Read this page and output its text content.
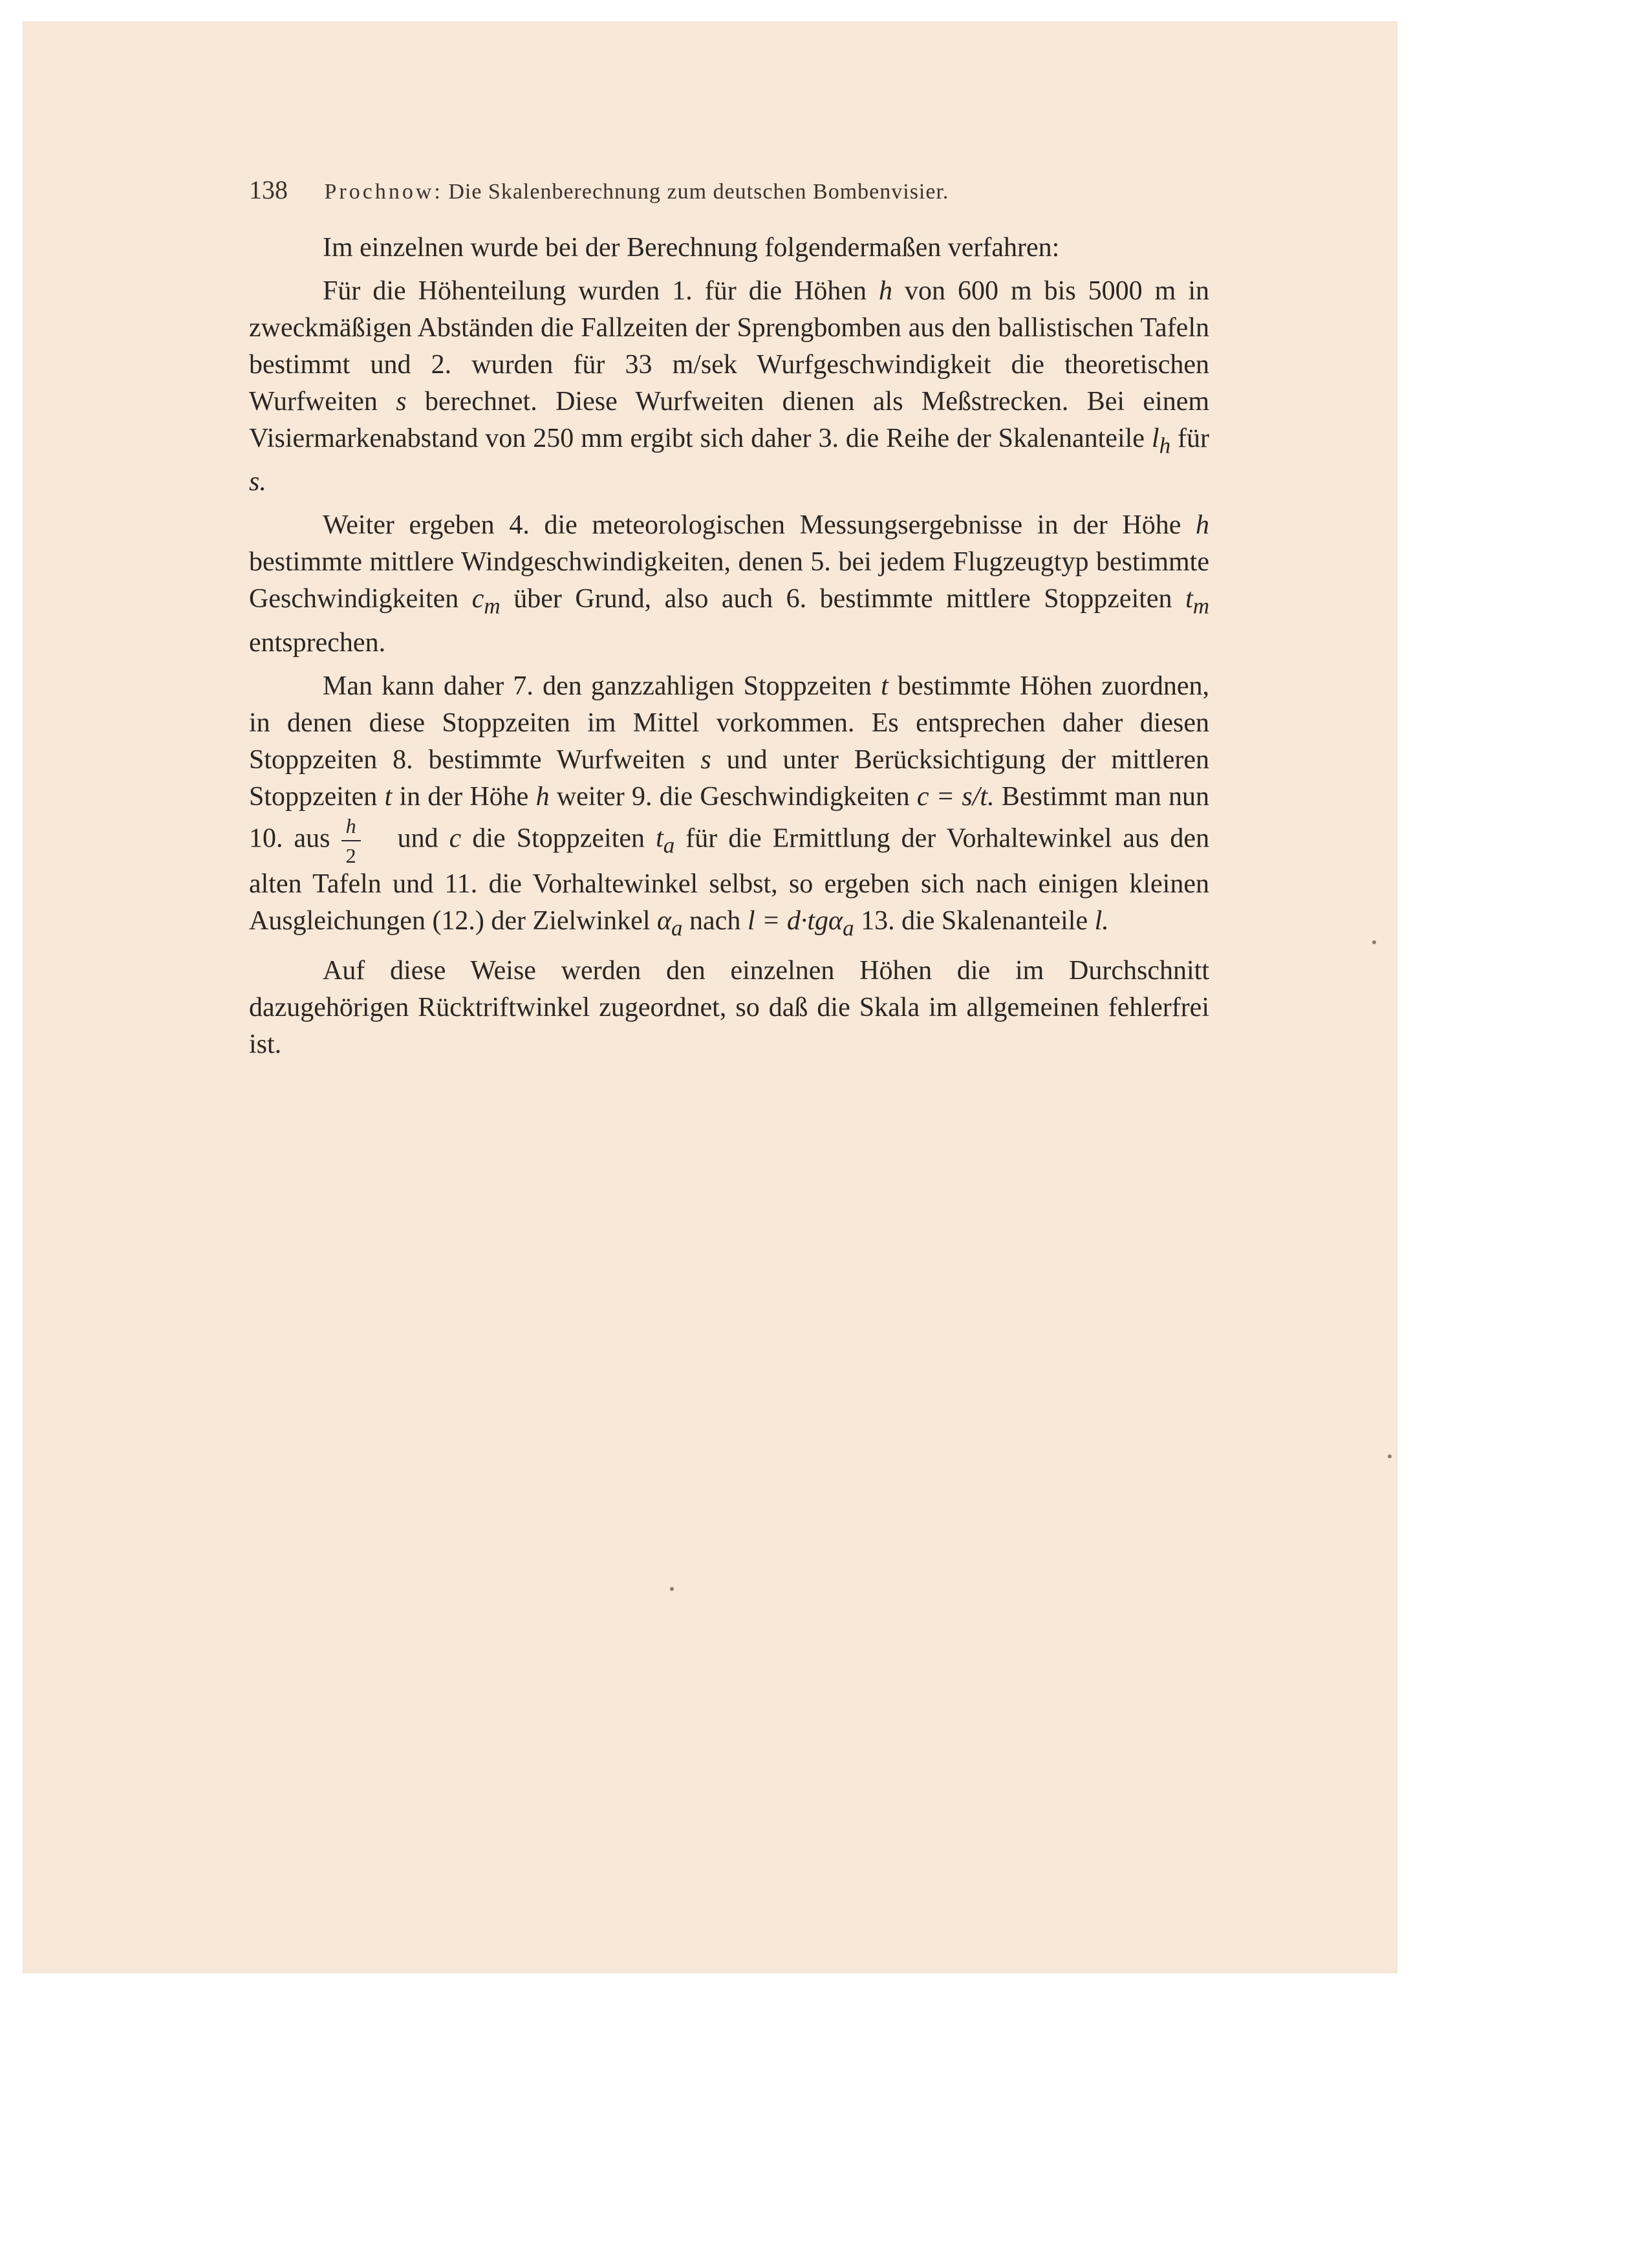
138 Prochnow: Die Skalenberechnung zum deutschen Bombenvisier.

Im einzelnen wurde bei der Berechnung folgendermaßen verfahren:

Für die Höhenteilung wurden 1. für die Höhen h von 600 m bis 5000 m in zweckmäßigen Abständen die Fallzeiten der Sprengbomben aus den ballistischen Tafeln bestimmt und 2. wurden für 33 m/sek Wurfgeschwindigkeit die theoretischen Wurfweiten s berechnet. Diese Wurfweiten dienen als Meßstrecken. Bei einem Visiermarkenabstand von 250 mm ergibt sich daher 3. die Reihe der Skalenanteile $l_h$ für s.

Weiter ergeben 4. die meteorologischen Messungsergebnisse in der Höhe h bestimmte mittlere Windgeschwindigkeiten, denen 5. bei jedem Flugzeugtyp bestimmte Geschwindigkeiten $c_m$ über Grund, also auch 6. bestimmte mittlere Stoppzeiten $t_m$ entsprechen.

Man kann daher 7. den ganzzahligen Stoppzeiten t bestimmte Höhen zuordnen, in denen diese Stoppzeiten im Mittel vorkommen. Es entsprechen daher diesen Stoppzeiten 8. bestimmte Wurfweiten s und unter Berücksichtigung der mittleren Stoppzeiten t in der Höhe h weiter 9. die Geschwindigkeiten c = s/t. Bestimmt man nun 10. aus $\frac{h}{2}$ und c die Stoppzeiten $t_a$ für die Ermittlung der Vorhaltewinkel aus den alten Tafeln und 11. die Vorhaltewinkel selbst, so ergeben sich nach einigen kleinen Ausgleichungen (12.) der Zielwinkel $\alpha_a$ nach l = d·tgα$_a$ 13. die Skalenanteile l.

Auf diese Weise werden den einzelnen Höhen die im Durchschnitt dazugehörigen Rücktriftwinkel zugeordnet, so daß die Skala im allgemeinen fehlerfrei ist.
